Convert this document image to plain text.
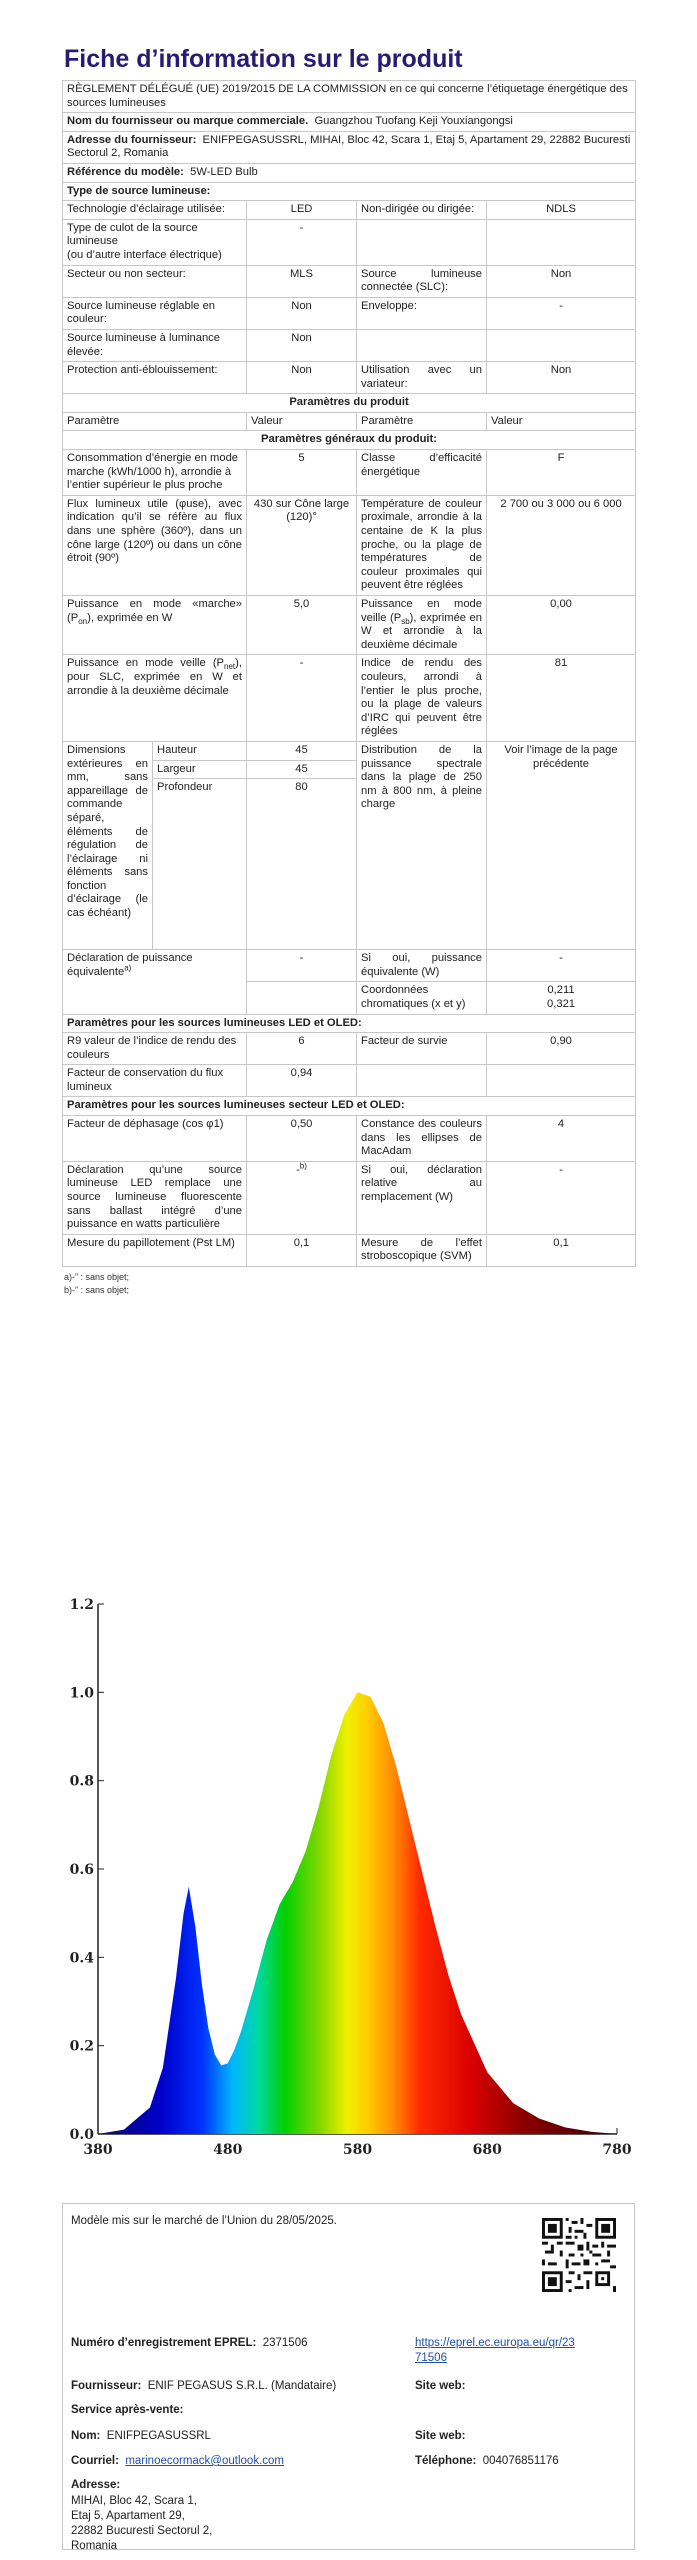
Fiche d’information sur le produit
RÈGLEMENT DÉLÉGUÉ (UE) 2019/2015 DE LA COMMISSION en ce qui concerne l’étiquetage énergétique des sources lumineuses				
Nom du fournisseur ou marque commerciale. Guangzhou Tuofang Keji Youxiangongsi				
Adresse du fournisseur: ENIFPEGASUSSRL, MIHAI, Bloc 42, Scara 1, Etaj 5, Apartament 29, 22882 Bucuresti Sectorul 2, Romania				
Référence du modèle: 5W-LED Bulb				
Type de source lumineuse:				
Technologie d’éclairage utilisée:		LED	Non-dirigée ou dirigée:	NDLS

Type de culot de la source lumineuse
(ou d’autre interface électrique)		-		
Secteur ou non secteur:		MLS	Source lumineuse connectée (SLC):	Non
Source lumineuse réglable en couleur:		Non	Enveloppe:	-
Source lumineuse à luminance élevée:		Non		
Protection anti-éblouissement:		Non	Utilisation avec un variateur:	Non
Paramètres du produit				
Paramètre		Valeur	Paramètre	Valeur
Paramètres généraux du produit:				
Consommation d’énergie en mode marche (kWh/1000 h), arrondie à l’entier supérieur le plus proche		5	Classe d’efficacité énergétique	F
Flux lumineux utile (φuse), avec indication qu’il se réfère au flux dans une sphère (360º), dans un cône large (120º) ou dans un cône étroit (90º)		430 sur Cône large (120)°	Température de couleur proximale, arrondie à la centaine de K la plus proche, ou la plage de températures de couleur proximales qui peuvent être réglées	2 700 ou 3 000 ou 6 000
Puissance en mode «marche» $(P_{on})$, exprimée en W		5,0	Puissance en mode veille $(P_{sb})$, exprimée en W et arrondie à la deuxième décimale	0,00
Puissance en mode veille $(P_{net})$, pour SLC, exprimée en W et arrondie à la deuxième décimale		-	Indice de rendu des couleurs, arrondi à l’entier le plus proche, ou la plage de valeurs d’IRC qui peuvent être réglées	81
Dimensions extérieures en mm, sans appareillage de commande séparé, éléments de régulation de l’éclairage ni éléments sans fonction d’éclairage (le cas échéant)	Hauteur	45	Distribution de la puissance spectrale dans la plage de 250 nm à 800 nm, à pleine charge	Voir l’image de la page précédente
	Largeur	45		
	Profondeur	80		
Déclaration de puissance équivalente$^{a)}$		-	Si oui, puissance équivalente (W)	-
			Coordonnées chromatiques (x et y)	0,211
0,321

Paramètres pour les sources lumineuses LED et OLED:				
R9 valeur de l’indice de rendu des couleurs		6	Facteur de survie	0,90
Facteur de conservation du flux lumineux		0,94		
Paramètres pour les sources lumineuses secteur LED et OLED:				
Facteur de déphasage (cos φ1)		0,50	Constance des couleurs dans les ellipses de MacAdam	4
Déclaration qu’une source lumineuse LED remplace une source lumineuse fluorescente sans ballast intégré d’une puissance en watts particulière		-$^{b)}$	Si oui, déclaration relative au remplacement (W)	-
Mesure du papillotement (Pst LM)		0,1	Mesure de l’effet stroboscopique (SVM)	0,1
a)-” : sans objet;
b)-” : sans objet;
0.0
0.2
0.4
0.6
0.8
1.0
1.2
380	480	580	680	780
Modèle mis sur le marché de l’Union du 28/05/2025.
Numéro d’enregistrement EPREL: 2371506	https://eprel.ec.europa.eu/qr/23
71506
Fournisseur: ENIF PEGASUS S.R.L. (Mandataire)	Site web:
Service après-vente:
Nom: ENIFPEGASUSSRL	Site web:
Courriel: marinoecormack@outlook.com	Téléphone: 004076851176
Adresse:
MIHAI, Bloc 42, Scara 1,
Etaj 5, Apartament 29,
22882 Bucuresti Sectorul 2,
Romania
